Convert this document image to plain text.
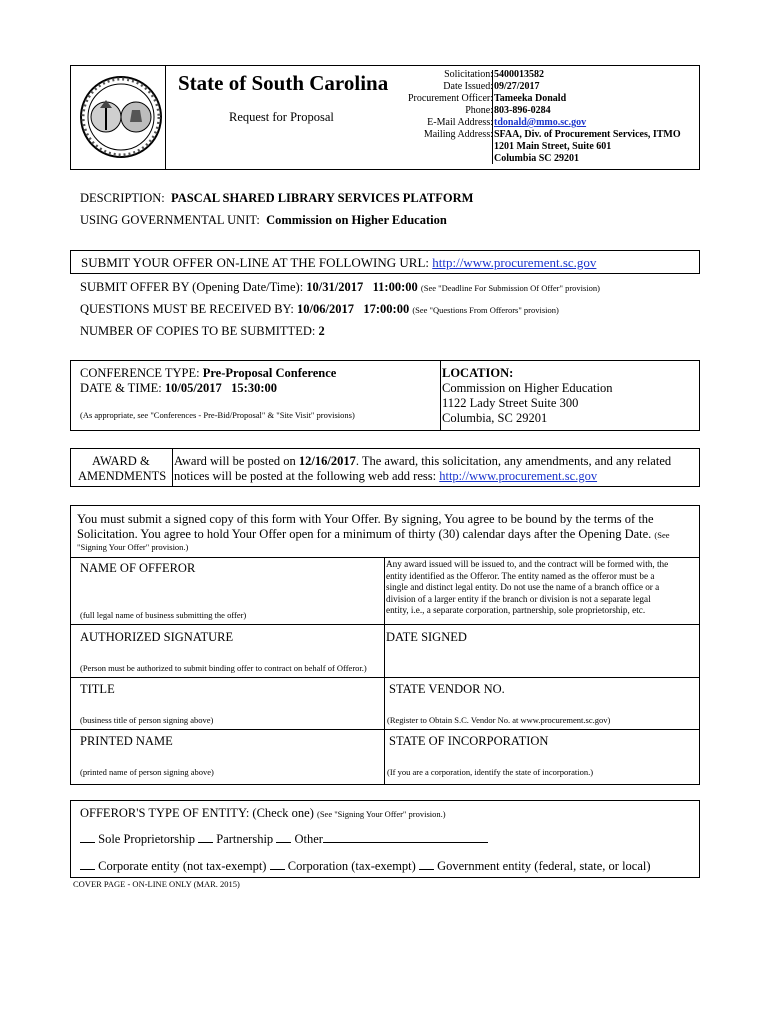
State of South Carolina
Request for Proposal
Solicitation: 5400013582
Date Issued: 09/27/2017
Procurement Officer: Tameeka Donald
Phone: 803-896-0284
E-Mail Address: tdonald@mmo.sc.gov
Mailing Address: SFAA, Div. of Procurement Services, ITMO
1201 Main Street, Suite 601
Columbia SC 29201
DESCRIPTION: PASCAL SHARED LIBRARY SERVICES PLATFORM
USING GOVERNMENTAL UNIT: Commission on Higher Education
SUBMIT YOUR OFFER ON-LINE AT THE FOLLOWING URL: http://www.procurement.sc.gov
SUBMIT OFFER BY (Opening Date/Time): 10/31/2017   11:00:00 (See "Deadline For Submission Of Offer" provision)
QUESTIONS MUST BE RECEIVED BY: 10/06/2017   17:00:00 (See "Questions From Offerors" provision)
NUMBER OF COPIES TO BE SUBMITTED: 2
CONFERENCE TYPE: Pre-Proposal Conference
DATE & TIME: 10/05/2017   15:30:00
(As appropriate, see "Conferences - Pre-Bid/Proposal" & "Site Visit" provisions)
LOCATION:
Commission on Higher Education
1122 Lady Street Suite 300
Columbia, SC 29201
AWARD &
AMENDMENTS
Award will be posted on 12/16/2017. The award, this solicitation, any amendments, and any related
notices will be posted at the following web add ress: http://www.procurement.sc.gov
You must submit a signed copy of this form with Your Offer. By signing, You agree to be bound by the terms of the
Solicitation. You agree to hold Your Offer open for a minimum of thirty (30) calendar days after the Opening Date. (See
"Signing Your Offer" provision.)
NAME OF OFFEROR
(full legal name of business submitting the offer)
Any award issued will be issued to, and the contract will be formed with, the
entity identified as the Offeror. The entity named as the offeror must be a
single and distinct legal entity. Do not use the name of a branch office or a
division of a larger entity if the branch or division is not a separate legal
entity, i.e., a separate corporation, partnership, sole proprietorship, etc.
AUTHORIZED SIGNATURE
(Person must be authorized to submit binding offer to contract on behalf of Offeror.)
DATE SIGNED
TITLE
(business title of person signing above)
STATE VENDOR NO.
(Register to Obtain S.C. Vendor No. at www.procurement.sc.gov)
PRINTED NAME
(printed name of person signing above)
STATE OF INCORPORATION
(If you are a corporation, identify the state of incorporation.)
OFFEROR'S TYPE OF ENTITY: (Check one) (See "Signing Your Offer" provision.)
Sole Proprietorship Partnership Other
Corporate entity (not tax-exempt) Corporation (tax-exempt) Government entity (federal, state, or local)
COVER PAGE - ON-LINE ONLY (MAR. 2015)
